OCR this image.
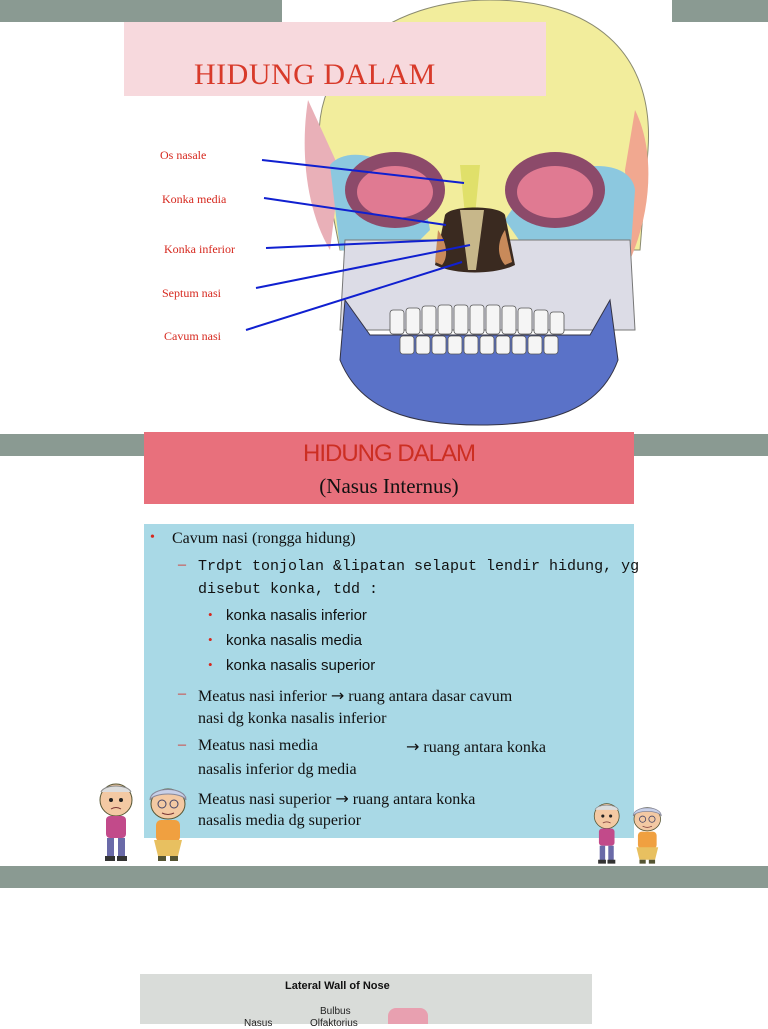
HIDUNG DALAM
Os nasale
Konka media
Konka inferior
Septum nasi
Cavum nasi
HIDUNG DALAM
(Nasus Internus)
• Cavum nasi (rongga hidung)
– Trdpt tonjolan &lipatan selaput lendir hidung, yg
disebut konka, tdd :
• konka nasalis inferior
• konka nasalis media
• konka nasalis superior
– Meatus nasi inferior → ruang antara dasar cavum
nasi dg konka nasalis inferior
– Meatus nasi media	→ ruang antara konka
nasalis inferior dg media
Meatus nasi superior → ruang antara konka
nasalis media dg superior
Lateral Wall of Nose
Bulbus
Olfaktorius
Nasus
